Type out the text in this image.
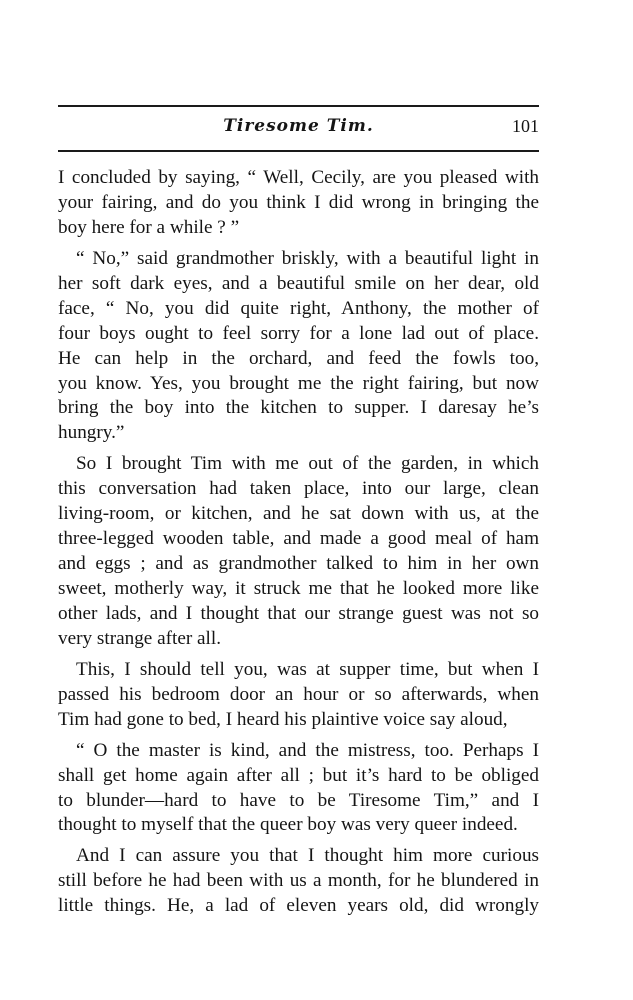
Tiresome Tim.	101
I concluded by saying, “ Well, Cecily, are you pleased with
your fairing, and do you think I did wrong in bringing the
boy here for a while ? ”
“ No,” said grandmother briskly, with a beautiful light in
her soft dark eyes, and a beautiful smile on her dear, old
face, “ No, you did quite right, Anthony, the mother of
four boys ought to feel sorry for a lone lad out of place.
He can help in the orchard, and feed the fowls too,
you know. Yes, you brought me the right fairing, but now
bring the boy into the kitchen to supper. I daresay he’s
hungry.”
So I brought Tim with me out of the garden, in which
this conversation had taken place, into our large, clean
living-room, or kitchen, and he sat down with us, at the
three-legged wooden table, and made a good meal of ham
and eggs ; and as grandmother talked to him in her own
sweet, motherly way, it struck me that he looked more like
other lads, and I thought that our strange guest was not so
very strange after all.
This, I should tell you, was at supper time, but when I
passed his bedroom door an hour or so afterwards, when
Tim had gone to bed, I heard his plaintive voice say aloud,
“ O the master is kind, and the mistress, too. Perhaps I
shall get home again after all ; but it’s hard to be obliged
to blunder—hard to have to be Tiresome Tim,” and I
thought to myself that the queer boy was very queer indeed.
And I can assure you that I thought him more curious
still before he had been with us a month, for he blundered in
little things. He, a lad of eleven years old, did wrongly
